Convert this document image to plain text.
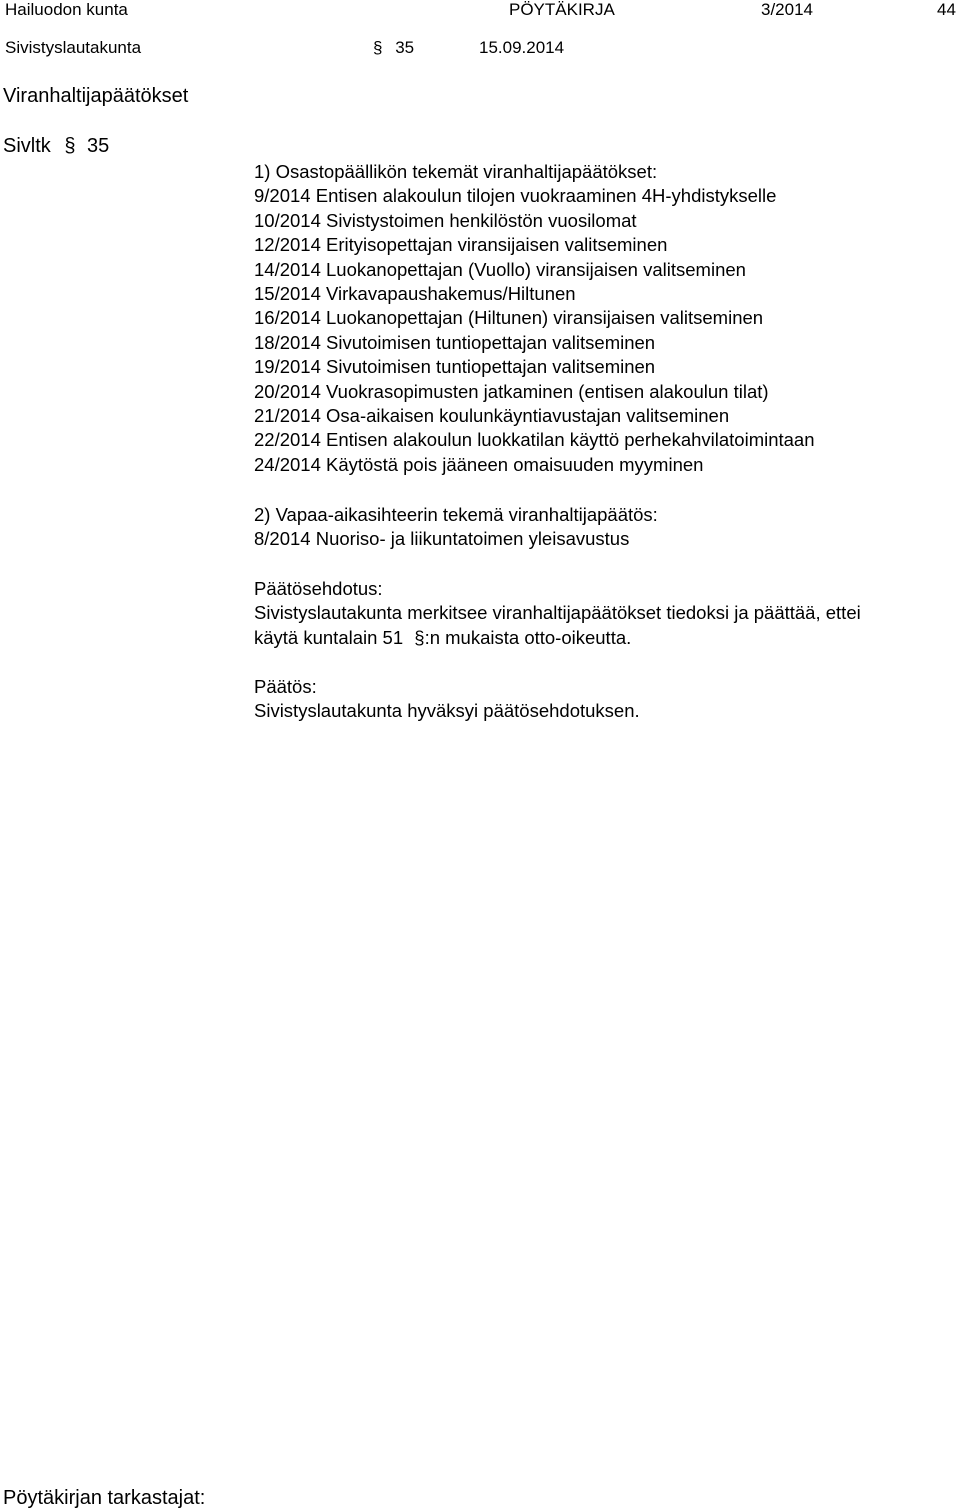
Hailuodon kunta	PÖYTÄKIRJA	3/2014	44
Sivistyslautakunta	§ 35	15.09.2014
Viranhaltijapäätökset
Sivltk § 35
1) Osastopäällikön tekemät viranhaltijapäätökset:
9/2014 Entisen alakoulun tilojen vuokraaminen 4H-yhdistykselle
10/2014 Sivistystoimen henkilöstön vuosilomat
12/2014 Erityisopettajan viransijaisen valitseminen
14/2014 Luokanopettajan (Vuollo) viransijaisen valitseminen
15/2014 Virkavapaushakemus/Hiltunen
16/2014 Luokanopettajan (Hiltunen) viransijaisen valitseminen
18/2014 Sivutoimisen tuntiopettajan valitseminen
19/2014 Sivutoimisen tuntiopettajan valitseminen
20/2014 Vuokrasopimusten jatkaminen (entisen alakoulun tilat)
21/2014 Osa-aikaisen koulunkäyntiavustajan valitseminen
22/2014 Entisen alakoulun luokkatilan käyttö perhekahvilatoimintaan
24/2014 Käytöstä pois jääneen omaisuuden myyminen
2) Vapaa-aikasihteerin tekemä viranhaltijapäätös:
8/2014 Nuoriso- ja liikuntatoimen yleisavustus
Päätösehdotus:
Sivistyslautakunta merkitsee viranhaltijapäätökset tiedoksi ja päättää, ettei
käytä kuntalain 51 §:n mukaista otto-oikeutta.
Päätös:
Sivistyslautakunta hyväksyi päätösehdotuksen.
Pöytäkirjan tarkastajat:
